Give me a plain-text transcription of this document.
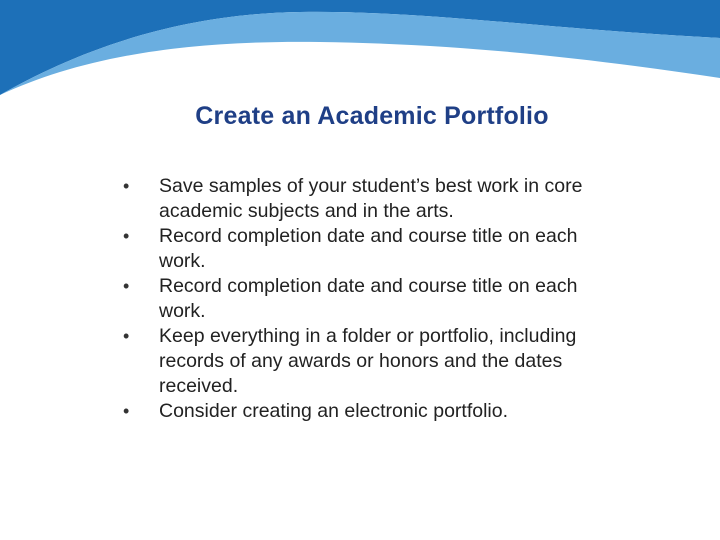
Create an Academic Portfolio
• Save samples of your student’s best work in core academic subjects and in the arts.
• Record completion date and course title on each work.
• Record completion date and course title on each work.
• Keep everything in a folder or portfolio, including records of any awards or honors and the dates received.
• Consider creating an electronic portfolio.
